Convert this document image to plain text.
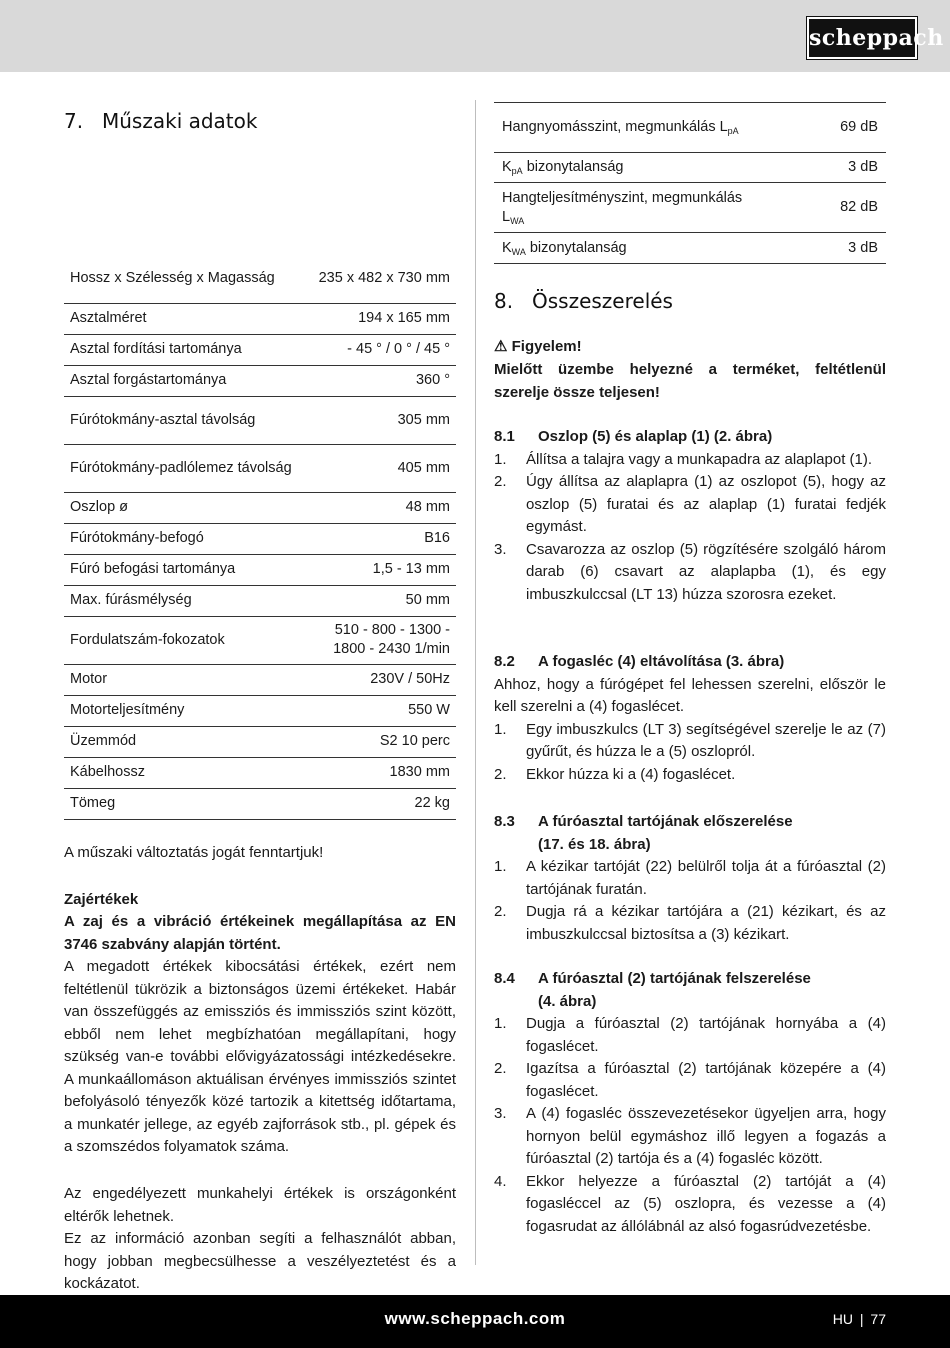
scheppach
7. Műszaki adatok
Hossz x Szélesség x Magasság	235 x 482 x 730 mm
Asztalméret	194 x 165 mm
Asztal fordítási tartománya	- 45 ° / 0 ° / 45 °
Asztal forgástartománya	360 °
Fúrótokmány-asztal távolság	305 mm
Fúrótokmány-padlólemez távolság	405 mm
Oszlop ø	48 mm
Fúrótokmány-befogó	B16
Fúró befogási tartománya	1,5 - 13 mm
Max. fúrásmélység	50 mm
Fordulatszám-fokozatok	510 - 800 - 1300 - 1800 - 2430 1/min
Motor	230V / 50Hz
Motorteljesítmény	550 W
Üzemmód	S2 10 perc
Kábelhossz	1830 mm
Tömeg	22 kg
A műszaki változtatás jogát fenntartjuk!
Zajértékek
A zaj és a vibráció értékeinek megállapítása az EN 3746 szabvány alapján történt.
A megadott értékek kibocsátási értékek, ezért nem feltétlenül tükrözik a biztonságos üzemi értékeket. Habár van összefüggés az emissziós és immissziós szint között, ebből nem lehet megbízhatóan megállapítani, hogy szükség van-e további elővigyázatossági intézkedésekre. A munkaállomáson aktuálisan érvényes immissziós szintet befolyásoló tényezők közé tartozik a kitettség időtartama, a munkatér jellege, az egyéb zajforrások stb., pl. gépek és a szomszédos folyamatok száma.
Az engedélyezett munkahelyi értékek is országonként eltérők lehetnek.
Ez az információ azonban segíti a felhasználót abban, hogy jobban megbecsülhesse a veszélyeztetést és a kockázatot.
Hangnyomásszint, megmunkálás $L_{pA}$	69 dB
$K_{pA}$ bizonytalanság	3 dB
Hangteljesítményszint, megmunkálás $L_{WA}$	82 dB
$K_{WA}$ bizonytalanság	3 dB
8. Összeszerelés
⚠ Figyelem!
Mielőtt üzembe helyezné a terméket, feltétlenül szerelje össze teljesen!
8.1 Oszlop (5) és alaplap (1) (2. ábra)
1. Állítsa a talajra vagy a munkapadra az alaplapot (1).
2. Úgy állítsa az alaplapra (1) az oszlopot (5), hogy az oszlop (5) furatai és az alaplap (1) furatai fedjék egymást.
3. Csavarozza az oszlop (5) rögzítésére szolgáló három darab (6) csavart az alaplapba (1), és egy imbuszkulccsal (LT 13) húzza szorosra ezeket.
8.2 A fogasléc (4) eltávolítása (3. ábra)
Ahhoz, hogy a fúrógépet fel lehessen szerelni, először le kell szerelni a (4) fogaslécet.
1. Egy imbuszkulcs (LT 3) segítségével szerelje le az (7) gyűrűt, és húzza le a (5) oszlopról.
2. Ekkor húzza ki a (4) fogaslécet.
8.3 A fúróasztal tartójának előszerelése
(17. és 18. ábra)
1. A kézikar tartóját (22) belülről tolja át a fúróasztal (2) tartójának furatán.
2. Dugja rá a kézikar tartójára a (21) kézikart, és az imbuszkulccsal biztosítsa a (3) kézikart.
8.4 A fúróasztal (2) tartójának felszerelése
(4. ábra)
1. Dugja a fúróasztal (2) tartójának hornyába a (4) fogaslécet.
2. Igazítsa a fúróasztal (2) tartójának közepére a (4) fogaslécet.
3. A (4) fogasléc összevezetésekor ügyeljen arra, hogy hornyon belül egymáshoz illő legyen a fogazás a fúróasztal (2) tartója és a (4) fogasléc között.
4. Ekkor helyezze a fúróasztal (2) tartóját a (4) fogasléccel az (5) oszlopra, és vezesse a (4) fogasrudat az állólábnál az alsó fogasrúdvezetésbe.
www.scheppach.com	HU | 77
